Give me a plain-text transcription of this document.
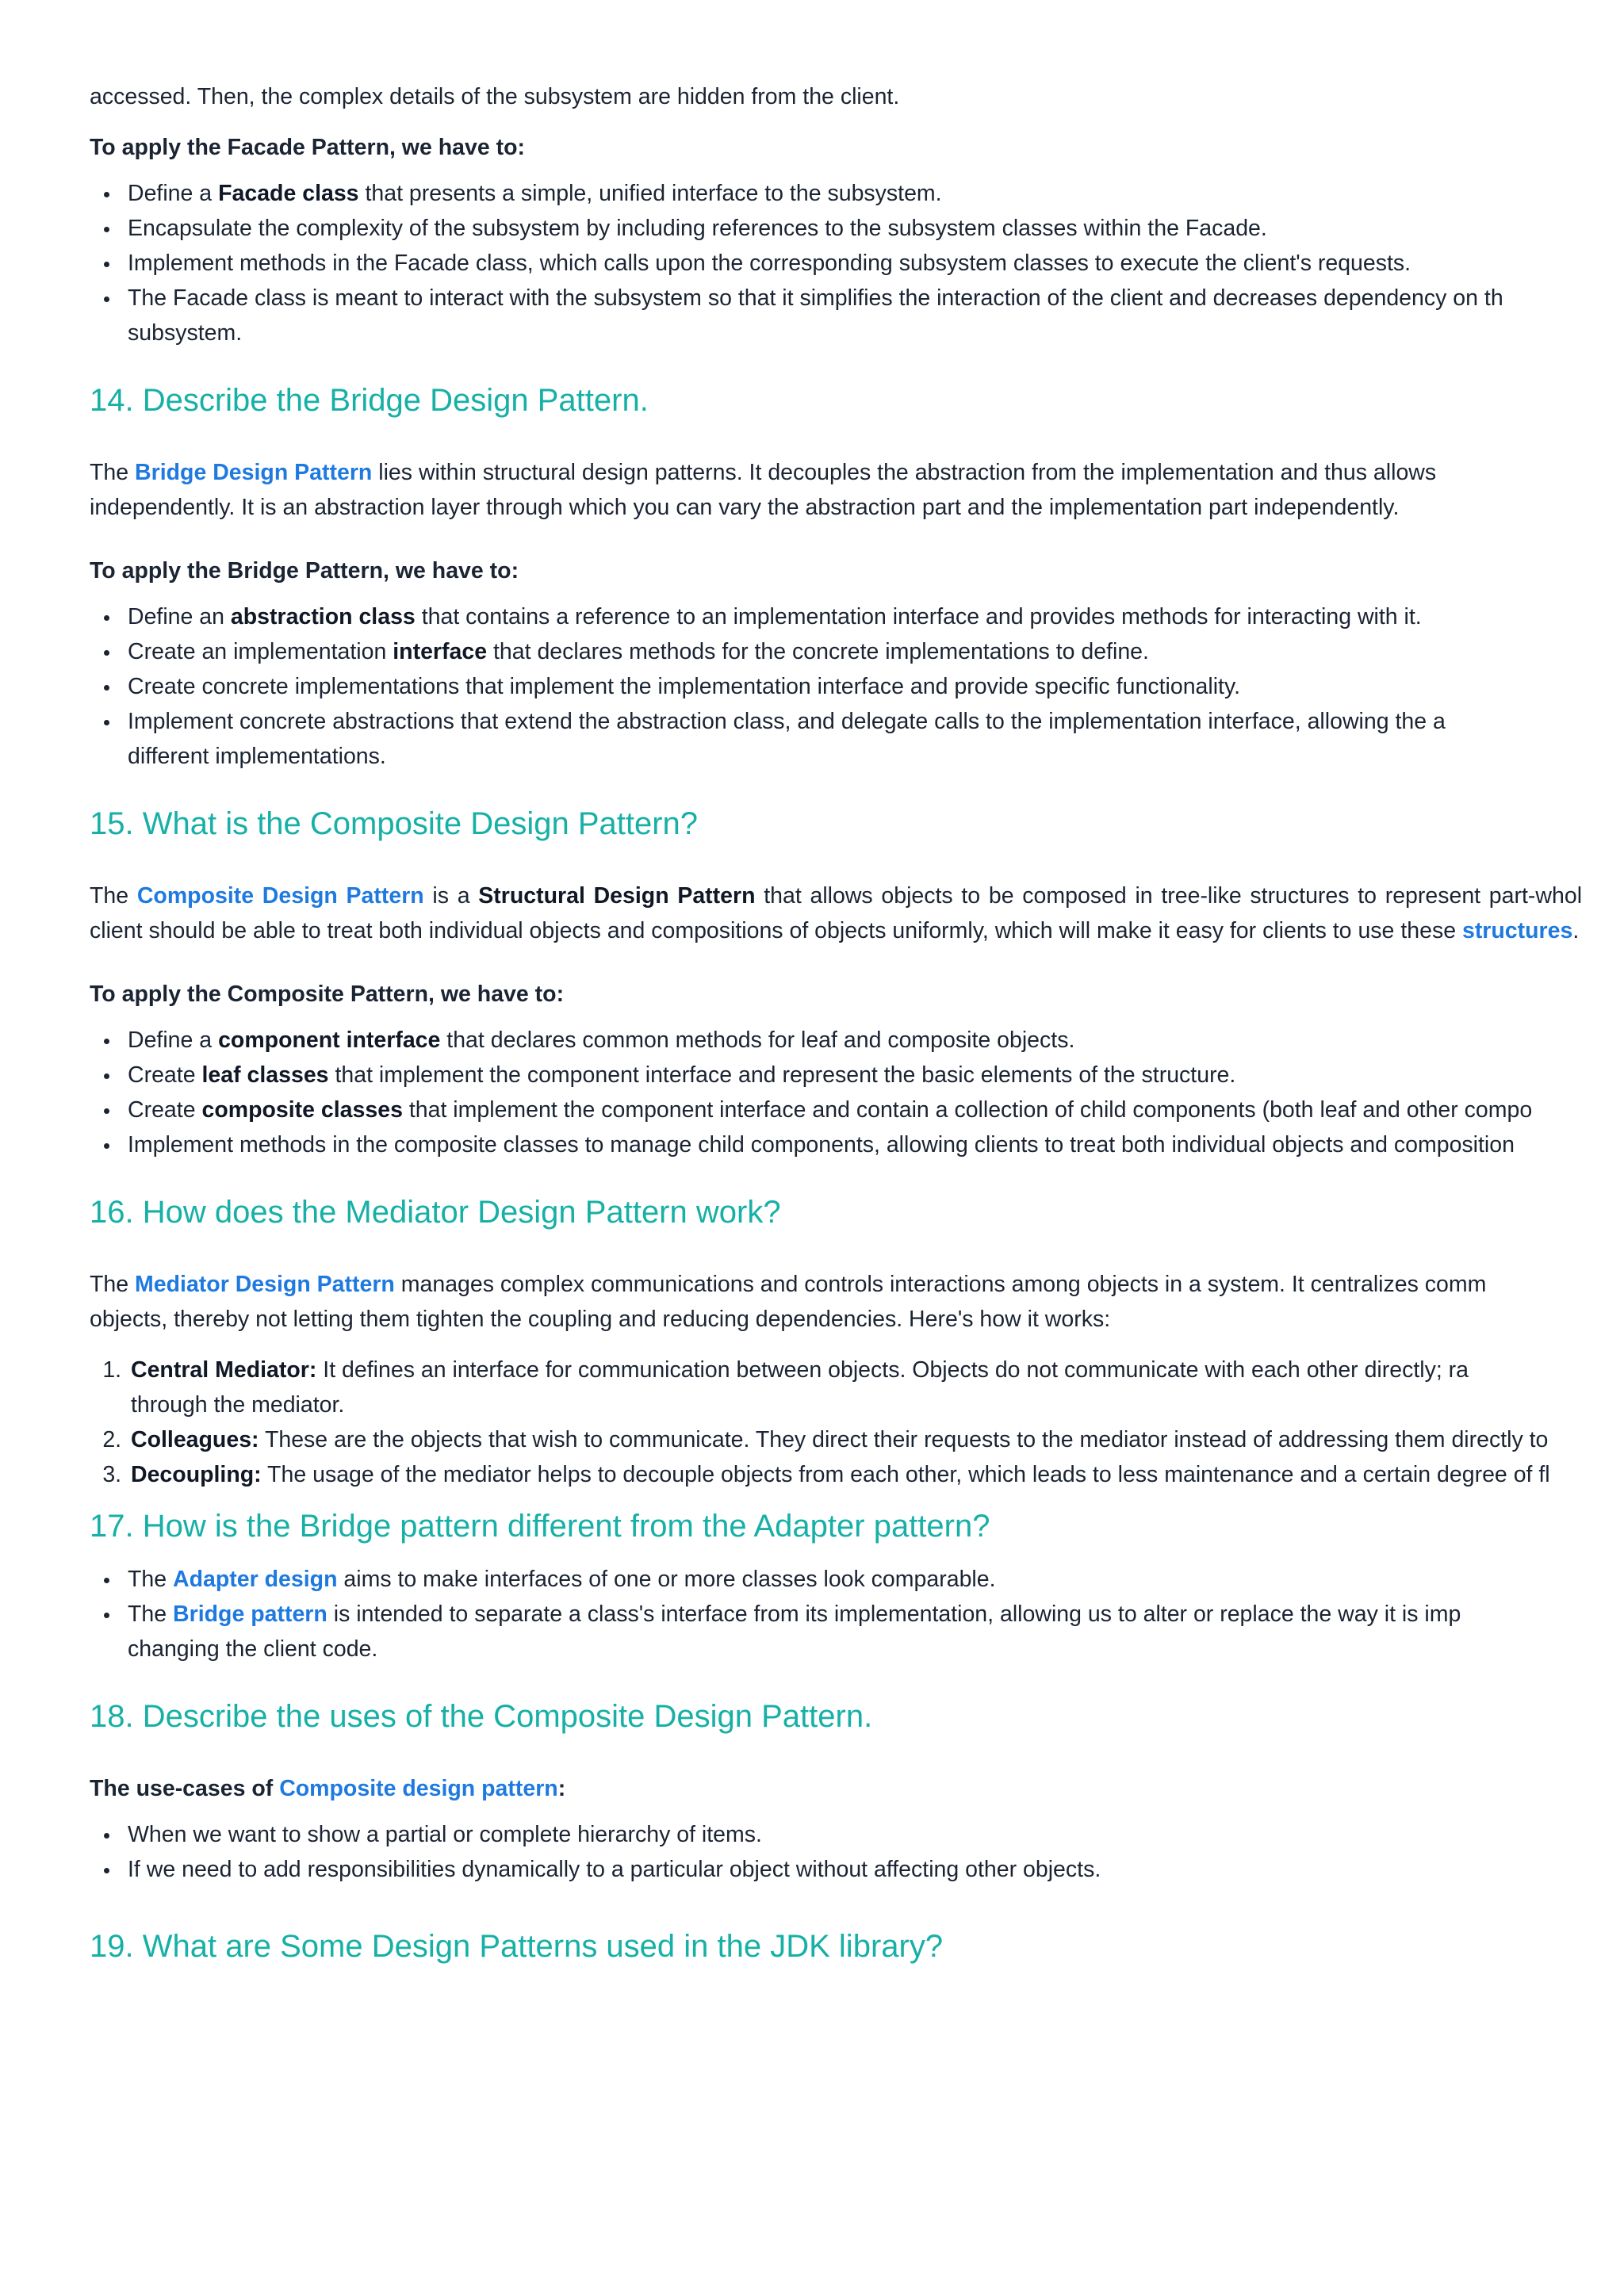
accessed. Then, the complex details of the subsystem are hidden from the client.

To apply the Facade Pattern, we have to:

Define a Facade class that presents a simple, unified interface to the subsystem.
Encapsulate the complexity of the subsystem by including references to the subsystem classes within the Facade.
Implement methods in the Facade class, which calls upon the corresponding subsystem classes to execute the client's requests.
The Facade class is meant to interact with the subsystem so that it simplifies the interaction of the client and decreases dependency on th
subsystem.
14. Describe the Bridge Design Pattern.

The Bridge Design Pattern lies within structural design patterns. It decouples the abstraction from the implementation and thus allows
independently. It is an abstraction layer through which you can vary the abstraction part and the implementation part independently.

To apply the Bridge Pattern, we have to:

Define an abstraction class that contains a reference to an implementation interface and provides methods for interacting with it.
Create an implementation interface that declares methods for the concrete implementations to define.
Create concrete implementations that implement the implementation interface and provide specific functionality.
Implement concrete abstractions that extend the abstraction class, and delegate calls to the implementation interface, allowing the a
different implementations.
15. What is the Composite Design Pattern?

The Composite Design Pattern is a Structural Design Pattern that allows objects to be composed in tree-like structures to represent part-whol client should be able to treat both individual objects and compositions of objects uniformly, which will make it easy for clients to use these structures.

To apply the Composite Pattern, we have to:

Define a component interface that declares common methods for leaf and composite objects.
Create leaf classes that implement the component interface and represent the basic elements of the structure.
Create composite classes that implement the component interface and contain a collection of child components (both leaf and other compo
Implement methods in the composite classes to manage child components, allowing clients to treat both individual objects and composition
16. How does the Mediator Design Pattern work?

The Mediator Design Pattern manages complex communications and controls interactions among objects in a system. It centralizes comm
objects, thereby not letting them tighten the coupling and reducing dependencies. Here's how it works:

1. Central Mediator: It defines an interface for communication between objects. Objects do not communicate with each other directly; ra
through the mediator.
2. Colleagues: These are the objects that wish to communicate. They direct their requests to the mediator instead of addressing them directly to
3. Decoupling: The usage of the mediator helps to decouple objects from each other, which leads to less maintenance and a certain degree of fl
17. How is the Bridge pattern different from the Adapter pattern?
The Adapter design aims to make interfaces of one or more classes look comparable.
The Bridge pattern is intended to separate a class's interface from its implementation, allowing us to alter or replace the way it is imp
changing the client code.
18. Describe the uses of the Composite Design Pattern.

The use-cases of Composite design pattern:

When we want to show a partial or complete hierarchy of items.
If we need to add responsibilities dynamically to a particular object without affecting other objects.
19. What are Some Design Patterns used in the JDK library?
